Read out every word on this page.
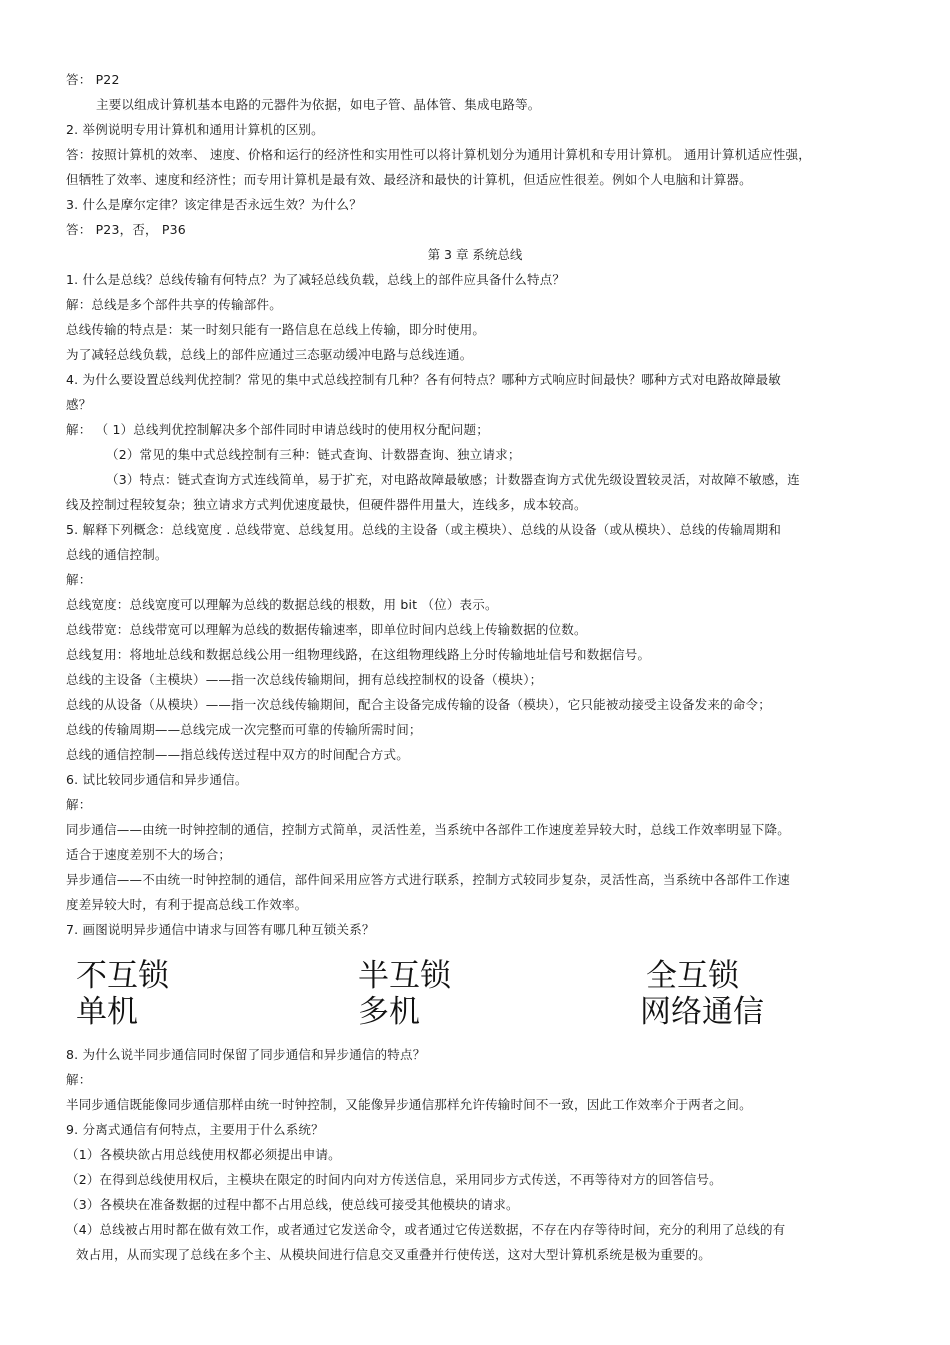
答： P22
主要以组成计算机基本电路的元器件为依据，如电子管、晶体管、集成电路等。
2. 举例说明专用计算机和通用计算机的区别。
答：按照计算机的效率、 速度、价格和运行的经济性和实用性可以将计算机划分为通用计算机和专用计算机。 通用计算机适应性强，
但牺牲了效率、速度和经济性；而专用计算机是最有效、最经济和最快的计算机，但适应性很差。例如个人电脑和计算器。
3. 什么是摩尔定律？该定律是否永远生效？为什么？
答： P23，否， P36
第 3 章 系统总线
1. 什么是总线？总线传输有何特点？为了减轻总线负载，总线上的部件应具备什么特点？
解：总线是多个部件共享的传输部件。
总线传输的特点是：某一时刻只能有一路信息在总线上传输，即分时使用。
为了减轻总线负载，总线上的部件应通过三态驱动缓冲电路与总线连通。
4. 为什么要设置总线判优控制？常见的集中式总线控制有几种？各有何特点？哪种方式响应时间最快？哪种方式对电路故障最敏
感？
解： （ 1）总线判优控制解决多个部件同时申请总线时的使用权分配问题；
（2）常见的集中式总线控制有三种：链式查询、计数器查询、独立请求；
（3）特点：链式查询方式连线简单，易于扩充，对电路故障最敏感；计数器查询方式优先级设置较灵活，对故障不敏感，连
线及控制过程较复杂；独立请求方式判优速度最快，但硬件器件用量大，连线多，成本较高。
5. 解释下列概念：总线宽度 . 总线带宽、总线复用。总线的主设备（或主模块）、总线的从设备（或从模块）、总线的传输周期和
总线的通信控制。
解：
总线宽度：总线宽度可以理解为总线的数据总线的根数，用 bit （位）表示。
总线带宽：总线带宽可以理解为总线的数据传输速率，即单位时间内总线上传输数据的位数。
总线复用：将地址总线和数据总线公用一组物理线路，在这组物理线路上分时传输地址信号和数据信号。
总线的主设备（主模块）——指一次总线传输期间，拥有总线控制权的设备（模块）；
总线的从设备（从模块）——指一次总线传输期间，配合主设备完成传输的设备（模块），它只能被动接受主设备发来的命令；
总线的传输周期——总线完成一次完整而可靠的传输所需时间；
总线的通信控制——指总线传送过程中双方的时间配合方式。
6. 试比较同步通信和异步通信。
解：
同步通信——由统一时钟控制的通信，控制方式简单，灵活性差，当系统中各部件工作速度差异较大时，总线工作效率明显下降。
适合于速度差别不大的场合；
异步通信——不由统一时钟控制的通信，部件间采用应答方式进行联系，控制方式较同步复杂，灵活性高，当系统中各部件工作速
度差异较大时，有利于提高总线工作效率。
7. 画图说明异步通信中请求与回答有哪几种互锁关系？
不互锁	半互锁	全互锁
单机	多机	网络通信
8. 为什么说半同步通信同时保留了同步通信和异步通信的特点？
解：
半同步通信既能像同步通信那样由统一时钟控制，又能像异步通信那样允许传输时间不一致，因此工作效率介于两者之间。
9. 分离式通信有何特点，主要用于什么系统？
（1）各模块欲占用总线使用权都必须提出申请。
（2）在得到总线使用权后，主模块在限定的时间内向对方传送信息，采用同步方式传送，不再等待对方的回答信号。
（3）各模块在准备数据的过程中都不占用总线，使总线可接受其他模块的请求。
（4）总线被占用时都在做有效工作，或者通过它发送命令，或者通过它传送数据，不存在内存等待时间，充分的利用了总线的有
效占用，从而实现了总线在多个主、从模块间进行信息交叉重叠并行使传送，这对大型计算机系统是极为重要的。
